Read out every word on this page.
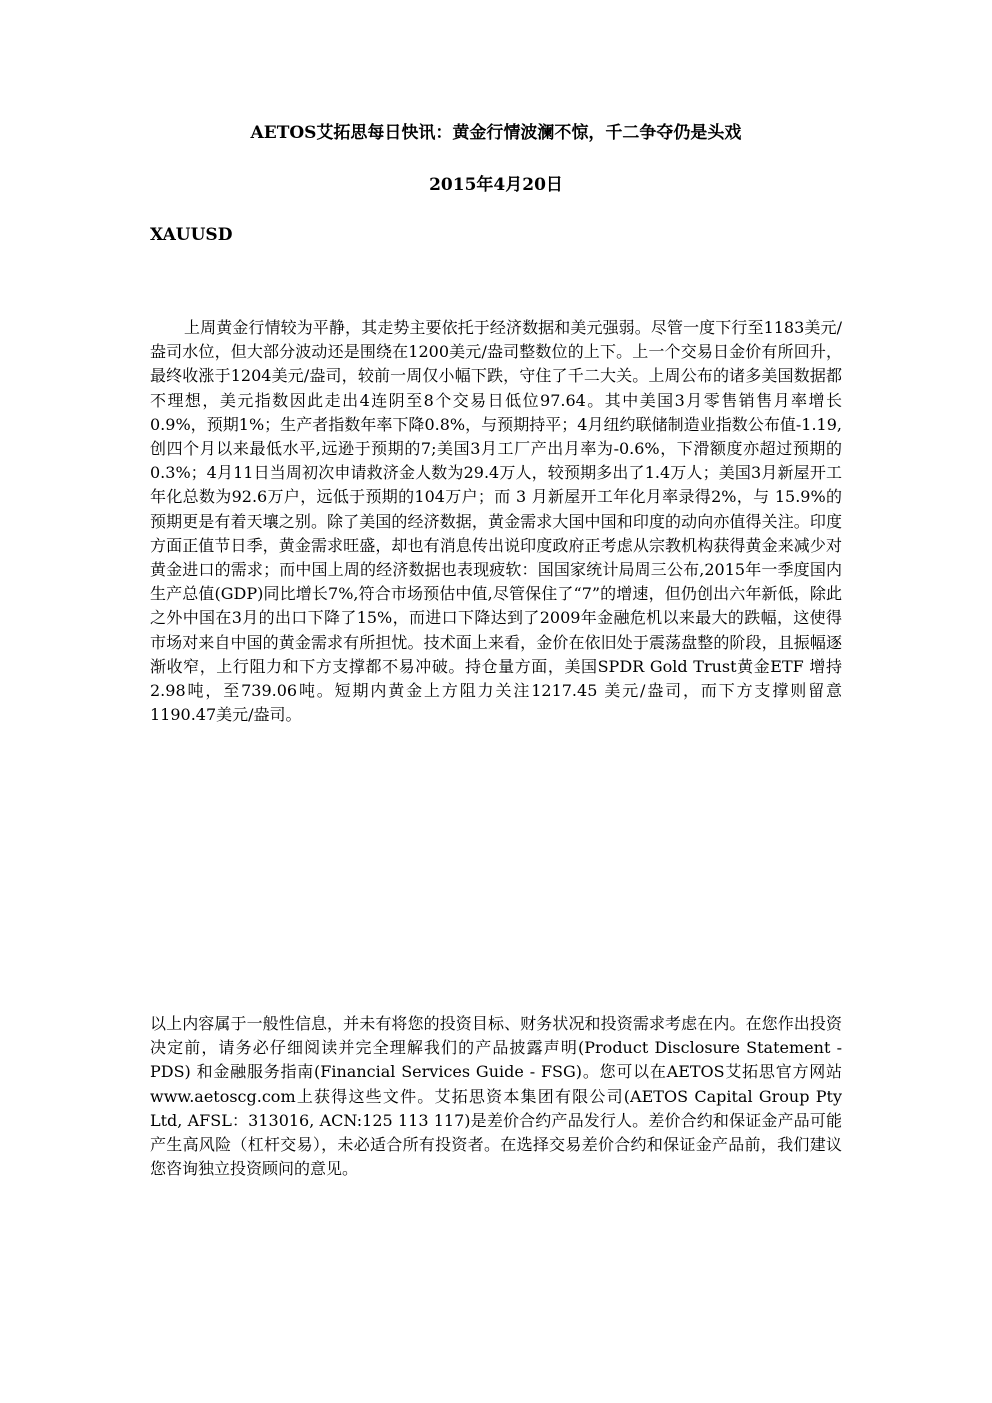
AETOS艾拓思每日快讯：黄金行情波澜不惊，千二争夺仍是头戏
2015年4月20日
XAUUSD

上周黄金行情较为平静，其走势主要依托于经济数据和美元强弱。尽管一度下行至1183美元/盎司水位，但大部分波动还是围绕在1200美元/盎司整数位的上下。上一个交易日金价有所回升，最终收涨于1204美元/盎司，较前一周仅小幅下跌，守住了千二大关。上周公布的诸多美国数据都不理想，美元指数因此走出4连阴至8个交易日低位97.64。其中美国3月零售销售月率增长0.9%，预期1%；生产者指数年率下降0.8%，与预期持平；4月纽约联储制造业指数公布值-1.19,创四个月以来最低水平,远逊于预期的7;美国3月工厂产出月率为-0.6%，下滑额度亦超过预期的0.3%；4月11日当周初次申请救济金人数为29.4万人，较预期多出了1.4万人；美国3月新屋开工年化总数为92.6万户，远低于预期的104万户；而 3 月新屋开工年化月率录得2%，与 15.9%的预期更是有着天壤之别。除了美国的经济数据，黄金需求大国中国和印度的动向亦值得关注。印度方面正值节日季，黄金需求旺盛，却也有消息传出说印度政府正考虑从宗教机构获得黄金来减少对黄金进口的需求；而中国上周的经济数据也表现疲软：国国家统计局周三公布,2015年一季度国内生产总值(GDP)同比增长7%,符合市场预估中值,尽管保住了“7”的增速，但仍创出六年新低，除此之外中国在3月的出口下降了15%，而进口下降达到了2009年金融危机以来最大的跌幅，这使得市场对来自中国的黄金需求有所担忧。技术面上来看，金价在依旧处于震荡盘整的阶段，且振幅逐渐收窄，上行阻力和下方支撑都不易冲破。持仓量方面，美国SPDR Gold Trust黄金ETF 增持2.98吨，至739.06吨。短期内黄金上方阻力关注1217.45 美元/盎司，而下方支撑则留意 1190.47美元/盎司。

以上内容属于一般性信息，并未有将您的投资目标、财务状况和投资需求考虑在内。在您作出投资决定前，请务必仔细阅读并完全理解我们的产品披露声明(Product Disclosure Statement - PDS) 和金融服务指南(Financial Services Guide - FSG)。您可以在AETOS艾拓思官方网站www.aetoscg.com上获得这些文件。艾拓思资本集团有限公司(AETOS Capital Group Pty Ltd, AFSL：313016, ACN:125 113 117)是差价合约产品发行人。差价合约和保证金产品可能产生高风险（杠杆交易），未必适合所有投资者。在选择交易差价合约和保证金产品前，我们建议您咨询独立投资顾问的意见。
